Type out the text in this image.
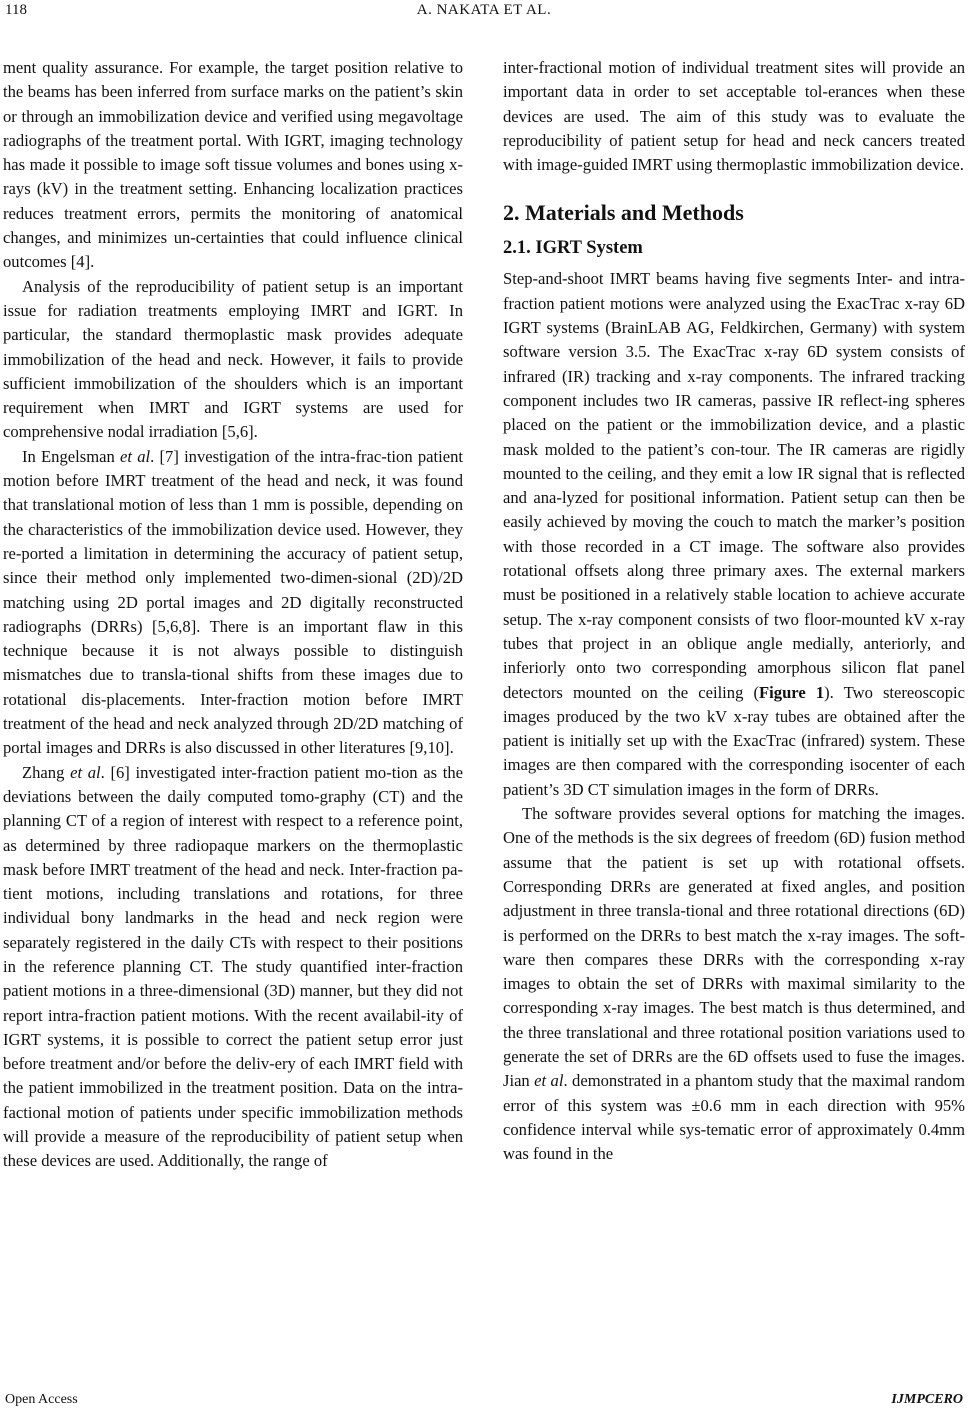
118	A. NAKATA ET AL.

ment quality assurance. For example, the target position relative to the beams has been inferred from surface marks on the patient’s skin or through an immobilization device and verified using megavoltage radiographs of the treatment portal. With IGRT, imaging technology has made it possible to image soft tissue volumes and bones using x-rays (kV) in the treatment setting. Enhancing localization practices reduces treatment errors, permits the monitoring of anatomical changes, and minimizes un-certainties that could influence clinical outcomes [4].

Analysis of the reproducibility of patient setup is an important issue for radiation treatments employing IMRT and IGRT. In particular, the standard thermoplastic mask provides adequate immobilization of the head and neck. However, it fails to provide sufficient immobilization of the shoulders which is an important requirement when IMRT and IGRT systems are used for comprehensive nodal irradiation [5,6].

In Engelsman et al. [7] investigation of the intra-frac-tion patient motion before IMRT treatment of the head and neck, it was found that translational motion of less than 1 mm is possible, depending on the characteristics of the immobilization device used. However, they re-ported a limitation in determining the accuracy of patient setup, since their method only implemented two-dimen-sional (2D)/2D matching using 2D portal images and 2D digitally reconstructed radiographs (DRRs) [5,6,8]. There is an important flaw in this technique because it is not always possible to distinguish mismatches due to transla-tional shifts from these images due to rotational dis-placements. Inter-fraction motion before IMRT treatment of the head and neck analyzed through 2D/2D matching of portal images and DRRs is also discussed in other literatures [9,10].

Zhang et al. [6] investigated inter-fraction patient mo-tion as the deviations between the daily computed tomo-graphy (CT) and the planning CT of a region of interest with respect to a reference point, as determined by three radiopaque markers on the thermoplastic mask before IMRT treatment of the head and neck. Inter-fraction pa-tient motions, including translations and rotations, for three individual bony landmarks in the head and neck region were separately registered in the daily CTs with respect to their positions in the reference planning CT. The study quantified inter-fraction patient motions in a three-dimensional (3D) manner, but they did not report intra-fraction patient motions. With the recent availabil-ity of IGRT systems, it is possible to correct the patient setup error just before treatment and/or before the deliv-ery of each IMRT field with the patient immobilized in the treatment position. Data on the intra-factional motion of patients under specific immobilization methods will provide a measure of the reproducibility of patient setup when these devices are used. Additionally, the range of

inter-fractional motion of individual treatment sites will provide an important data in order to set acceptable tol-erances when these devices are used. The aim of this study was to evaluate the reproducibility of patient setup for head and neck cancers treated with image-guided IMRT using thermoplastic immobilization device.

2. Materials and Methods
2.1. IGRT System

Step-and-shoot IMRT beams having five segments Inter- and intra-fraction patient motions were analyzed using the ExacTrac x-ray 6D IGRT systems (BrainLAB AG, Feldkirchen, Germany) with system software version 3.5. The ExacTrac x-ray 6D system consists of infrared (IR) tracking and x-ray components. The infrared tracking component includes two IR cameras, passive IR reflect-ing spheres placed on the patient or the immobilization device, and a plastic mask molded to the patient’s con-tour. The IR cameras are rigidly mounted to the ceiling, and they emit a low IR signal that is reflected and ana-lyzed for positional information. Patient setup can then be easily achieved by moving the couch to match the marker’s position with those recorded in a CT image. The software also provides rotational offsets along three primary axes. The external markers must be positioned in a relatively stable location to achieve accurate setup. The x-ray component consists of two floor-mounted kV x-ray tubes that project in an oblique angle medially, anteriorly, and inferiorly onto two corresponding amorphous silicon flat panel detectors mounted on the ceiling (Figure 1). Two stereoscopic images produced by the two kV x-ray tubes are obtained after the patient is initially set up with the ExacTrac (infrared) system. These images are then compared with the corresponding isocenter of each patient’s 3D CT simulation images in the form of DRRs.

The software provides several options for matching the images. One of the methods is the six degrees of freedom (6D) fusion method assume that the patient is set up with rotational offsets. Corresponding DRRs are generated at fixed angles, and position adjustment in three transla-tional and three rotational directions (6D) is performed on the DRRs to best match the x-ray images. The soft-ware then compares these DRRs with the corresponding x-ray images to obtain the set of DRRs with maximal similarity to the corresponding x-ray images. The best match is thus determined, and the three translational and three rotational position variations used to generate the set of DRRs are the 6D offsets used to fuse the images. Jian et al. demonstrated in a phantom study that the maximal random error of this system was ±0.6 mm in each direction with 95% confidence interval while sys-tematic error of approximately 0.4mm was found in the

Open Access	IJMPCERO
